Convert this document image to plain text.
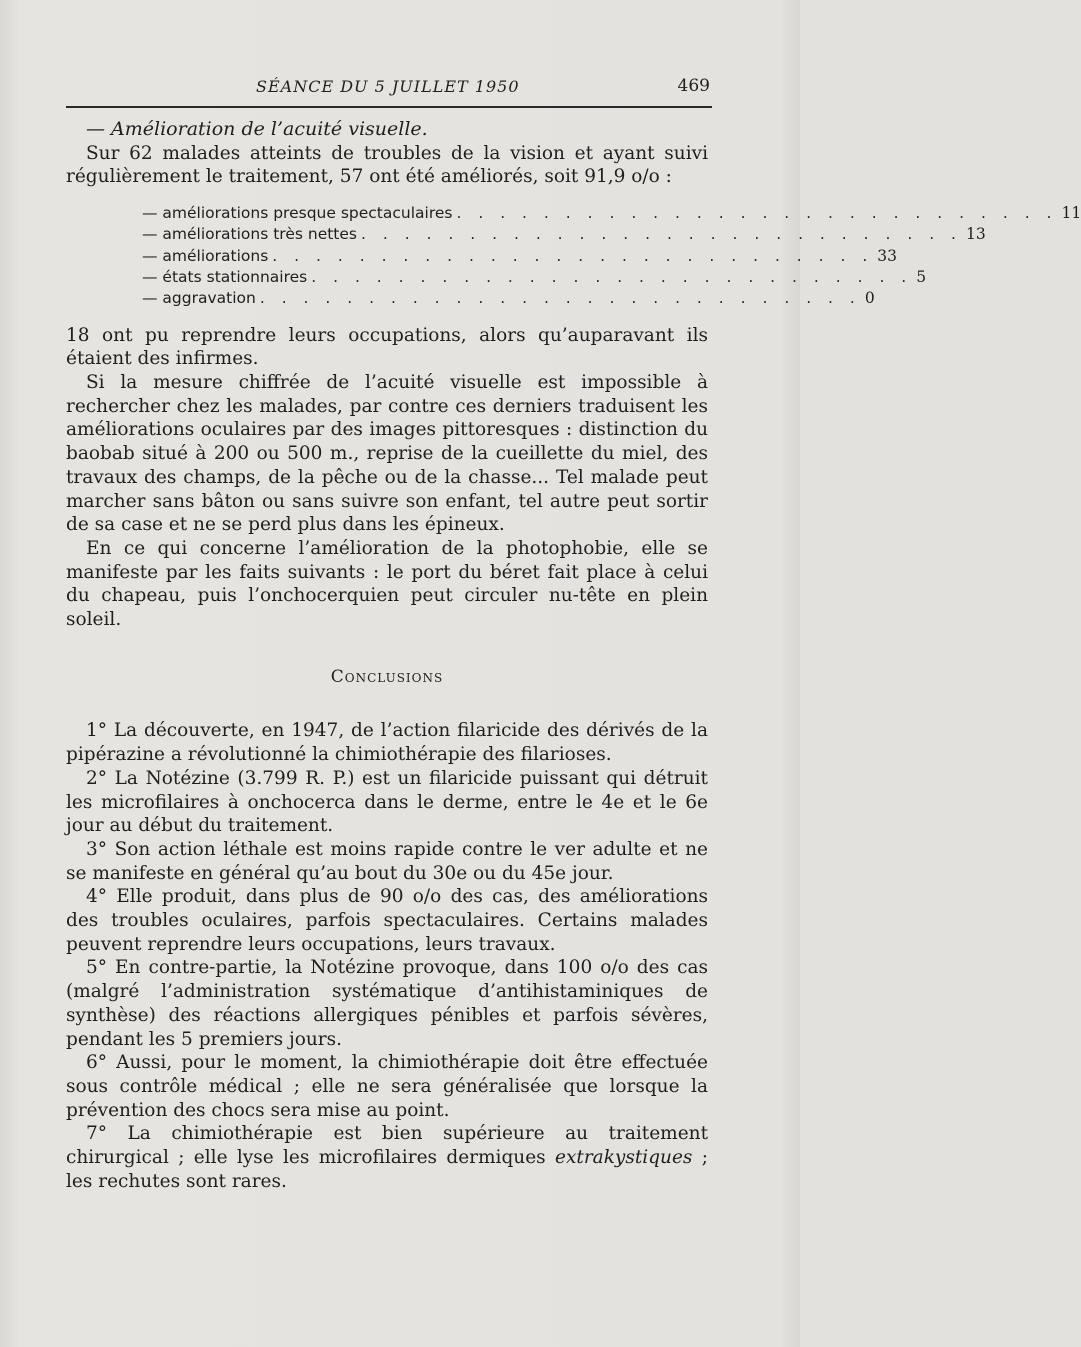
SÉANCE DU 5 JUILLET 1950	469

— Amélioration de l’acuité visuelle.

Sur 62 malades atteints de troubles de la vision et ayant suivi régulièrement le traitement, 57 ont été améliorés, soit 91,9 o/o :

— améliorations presque spectaculaires . . . . . . . . . . . . . . . . . . . . . . . . . . . . 11
— améliorations très nettes . . . . . . . . . . . . . . . . . . . . . . . . . . . . 13
— améliorations . . . . . . . . . . . . . . . . . . . . . . . . . . . . 33
— états stationnaires . . . . . . . . . . . . . . . . . . . . . . . . . . . . 5
— aggravation . . . . . . . . . . . . . . . . . . . . . . . . . . . . 0

18 ont pu reprendre leurs occupations, alors qu’auparavant ils étaient des infirmes.

Si la mesure chiffrée de l’acuité visuelle est impossible à rechercher chez les malades, par contre ces derniers traduisent les améliorations oculaires par des images pittoresques : distinction du baobab situé à 200 ou 500 m., reprise de la cueillette du miel, des travaux des champs, de la pêche ou de la chasse... Tel malade peut marcher sans bâton ou sans suivre son enfant, tel autre peut sortir de sa case et ne se perd plus dans les épineux.

En ce qui concerne l’amélioration de la photophobie, elle se manifeste par les faits suivants : le port du béret fait place à celui du chapeau, puis l’onchocerquien peut circuler nu-tête en plein soleil.

Conclusions

1° La découverte, en 1947, de l’action filaricide des dérivés de la pipérazine a révolutionné la chimiothérapie des filarioses.

2° La Notézine (3.799 R. P.) est un filaricide puissant qui détruit les microfilaires à onchocerca dans le derme, entre le 4e et le 6e jour au début du traitement.

3° Son action léthale est moins rapide contre le ver adulte et ne se manifeste en général qu’au bout du 30e ou du 45e jour.

4° Elle produit, dans plus de 90 o/o des cas, des améliorations des troubles oculaires, parfois spectaculaires. Certains malades peuvent reprendre leurs occupations, leurs travaux.

5° En contre-partie, la Notézine provoque, dans 100 o/o des cas (malgré l’administration systématique d’antihistaminiques de synthèse) des réactions allergiques pénibles et parfois sévères, pendant les 5 premiers jours.

6° Aussi, pour le moment, la chimiothérapie doit être effectuée sous contrôle médical ; elle ne sera généralisée que lorsque la prévention des chocs sera mise au point.

7° La chimiothérapie est bien supérieure au traitement chirurgical ; elle lyse les microfilaires dermiques extrakystiques ; les rechutes sont rares.
